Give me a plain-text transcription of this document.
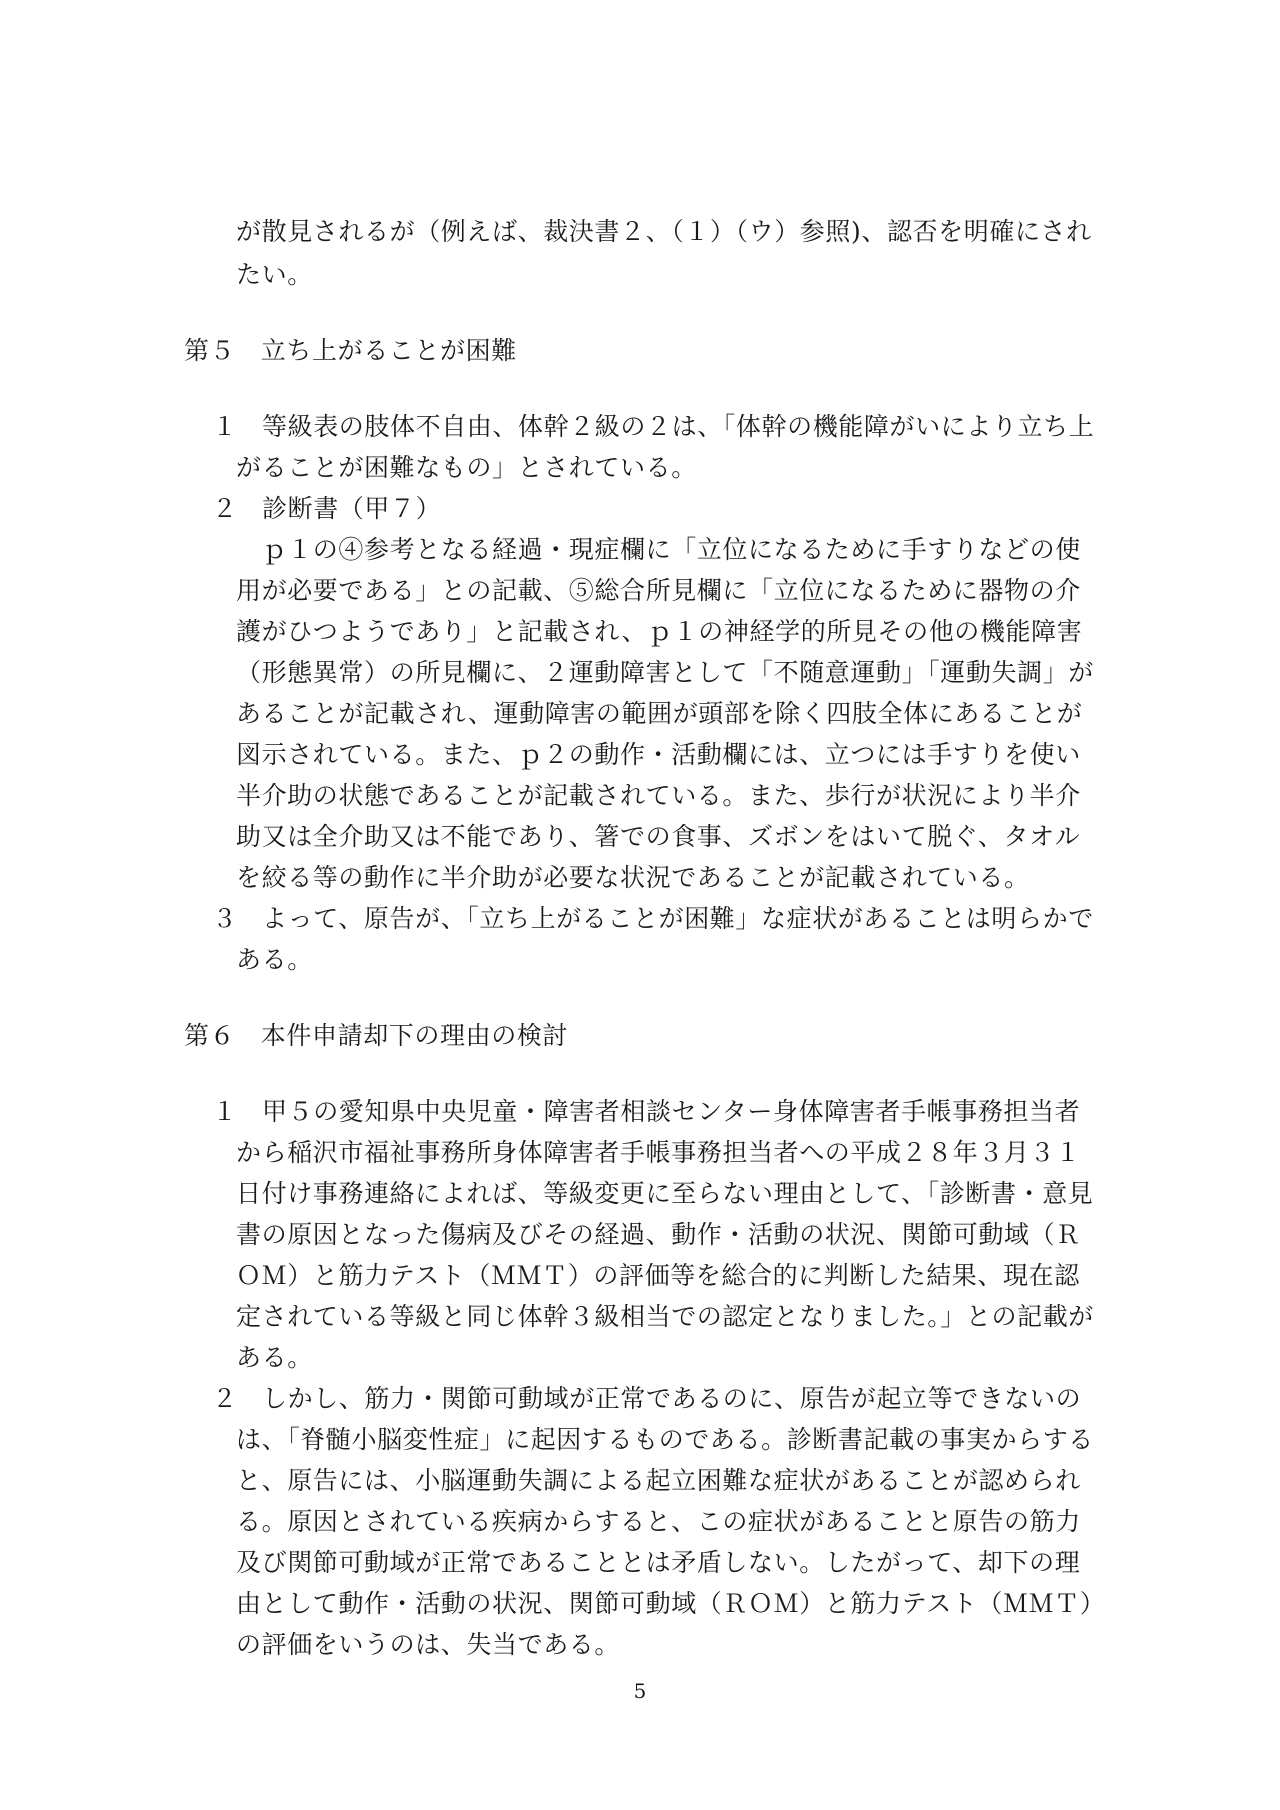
が散見されるが（例えば、裁決書２、（１）（ウ）参照)、認否を明確にされ
たい。
第５　立ち上がることが困難
１ 等級表の肢体不自由、体幹２級の２は、「体幹の機能障がいにより立ち上
がることが困難なもの」とされている。
２ 診断書（甲７）
　ｐ１の④参考となる経過・現症欄に「立位になるために手すりなどの使
用が必要である」との記載、⑤総合所見欄に「立位になるために器物の介
護がひつようであり」と記載され、ｐ１の神経学的所見その他の機能障害
（形態異常）の所見欄に、２運動障害として「不随意運動」「運動失調」が
あることが記載され、運動障害の範囲が頭部を除く四肢全体にあることが
図示されている。また、ｐ２の動作・活動欄には、立つには手すりを使い
半介助の状態であることが記載されている。また、歩行が状況により半介
助又は全介助又は不能であり、箸での食事、ズボンをはいて脱ぐ、タオル
を絞る等の動作に半介助が必要な状況であることが記載されている。
３ よって、原告が、「立ち上がることが困難」な症状があることは明らかで
ある。
第６　本件申請却下の理由の検討
１ 甲５の愛知県中央児童・障害者相談センター身体障害者手帳事務担当者
から稲沢市福祉事務所身体障害者手帳事務担当者への平成２８年３月３１
日付け事務連絡によれば、等級変更に至らない理由として、「診断書・意見
書の原因となった傷病及びその経過、動作・活動の状況、関節可動域（Ｒ
ＯＭ）と筋力テスト（ＭＭＴ）の評価等を総合的に判断した結果、現在認
定されている等級と同じ体幹３級相当での認定となりました。」との記載が
ある。
２ しかし、筋力・関節可動域が正常であるのに、原告が起立等できないの
は、「脊髄小脳変性症」に起因するものである。診断書記載の事実からする
と、原告には、小脳運動失調による起立困難な症状があることが認められ
る。原因とされている疾病からすると、この症状があることと原告の筋力
及び関節可動域が正常であることとは矛盾しない。したがって、却下の理
由として動作・活動の状況、関節可動域（ＲＯＭ）と筋力テスト（ＭＭＴ）
の評価をいうのは、失当である。
5
